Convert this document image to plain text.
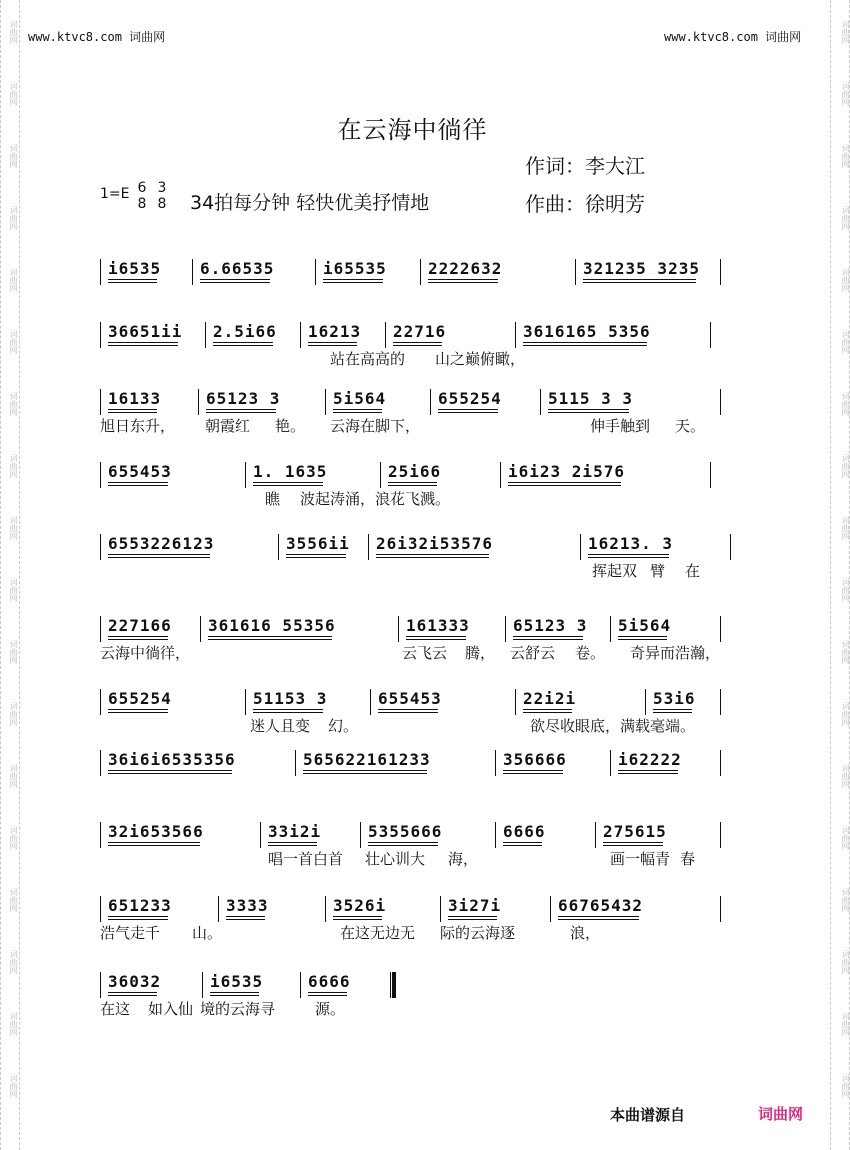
词曲网
词曲网
词曲网
词曲网
词曲网
词曲网
词曲网
词曲网
词曲网
词曲网
词曲网
词曲网
词曲网
词曲网
词曲网
词曲网
词曲网
词曲网
词曲网
词曲网
词曲网
词曲网
词曲网
词曲网
词曲网
词曲网
词曲网
词曲网
词曲网
词曲网
词曲网
词曲网
词曲网
词曲网
词曲网
词曲网
www.ktvc8.com 词曲网	www.ktvc8.com 词曲网
在云海中徜徉
作词：李大江
作曲：徐明芳
1=E 6
8
3
8 34拍每分钟 轻快优美抒情地
i6535 6.66535	i65535	2222632	321235 3235
36651ii 2.5i66 16213 22716	3616165 5356
站在高高的 山之巅俯瞰，
16133	65123 3	5i564	655254	5115 3 3
旭日东升， 朝霞红 艳。 云海在脚下，	伸手触到 天。
655453	1. 1635	25i66	i6i23 2i576
瞧 波起涛涌，浪花飞溅。
6553226123	3556ii 26i32i53576	16213. 3
挥起双 臂 在
227166 361616 55356	161333	65123 3 5i564
云海中徜徉，	云飞云 腾， 云舒云 卷。 奇异而浩瀚，
655254	51153 3	655453	22i2i	53i6
迷人且变 幻。	欲尽收眼底，满载毫端。
36i6i6535356	565622161233	356666	i62222
32i653566	33i2i	5355666	6666	275615
唱一首白首 壮心训大 海，	画一幅青 春
651233	3333	3526i	3i27i	66765432
浩气走千 山。	在这无边无 际的云海逐	浪，
36032	i6535	6666
在这 如入仙 境的云海寻	源。
本曲谱源自	词曲网
